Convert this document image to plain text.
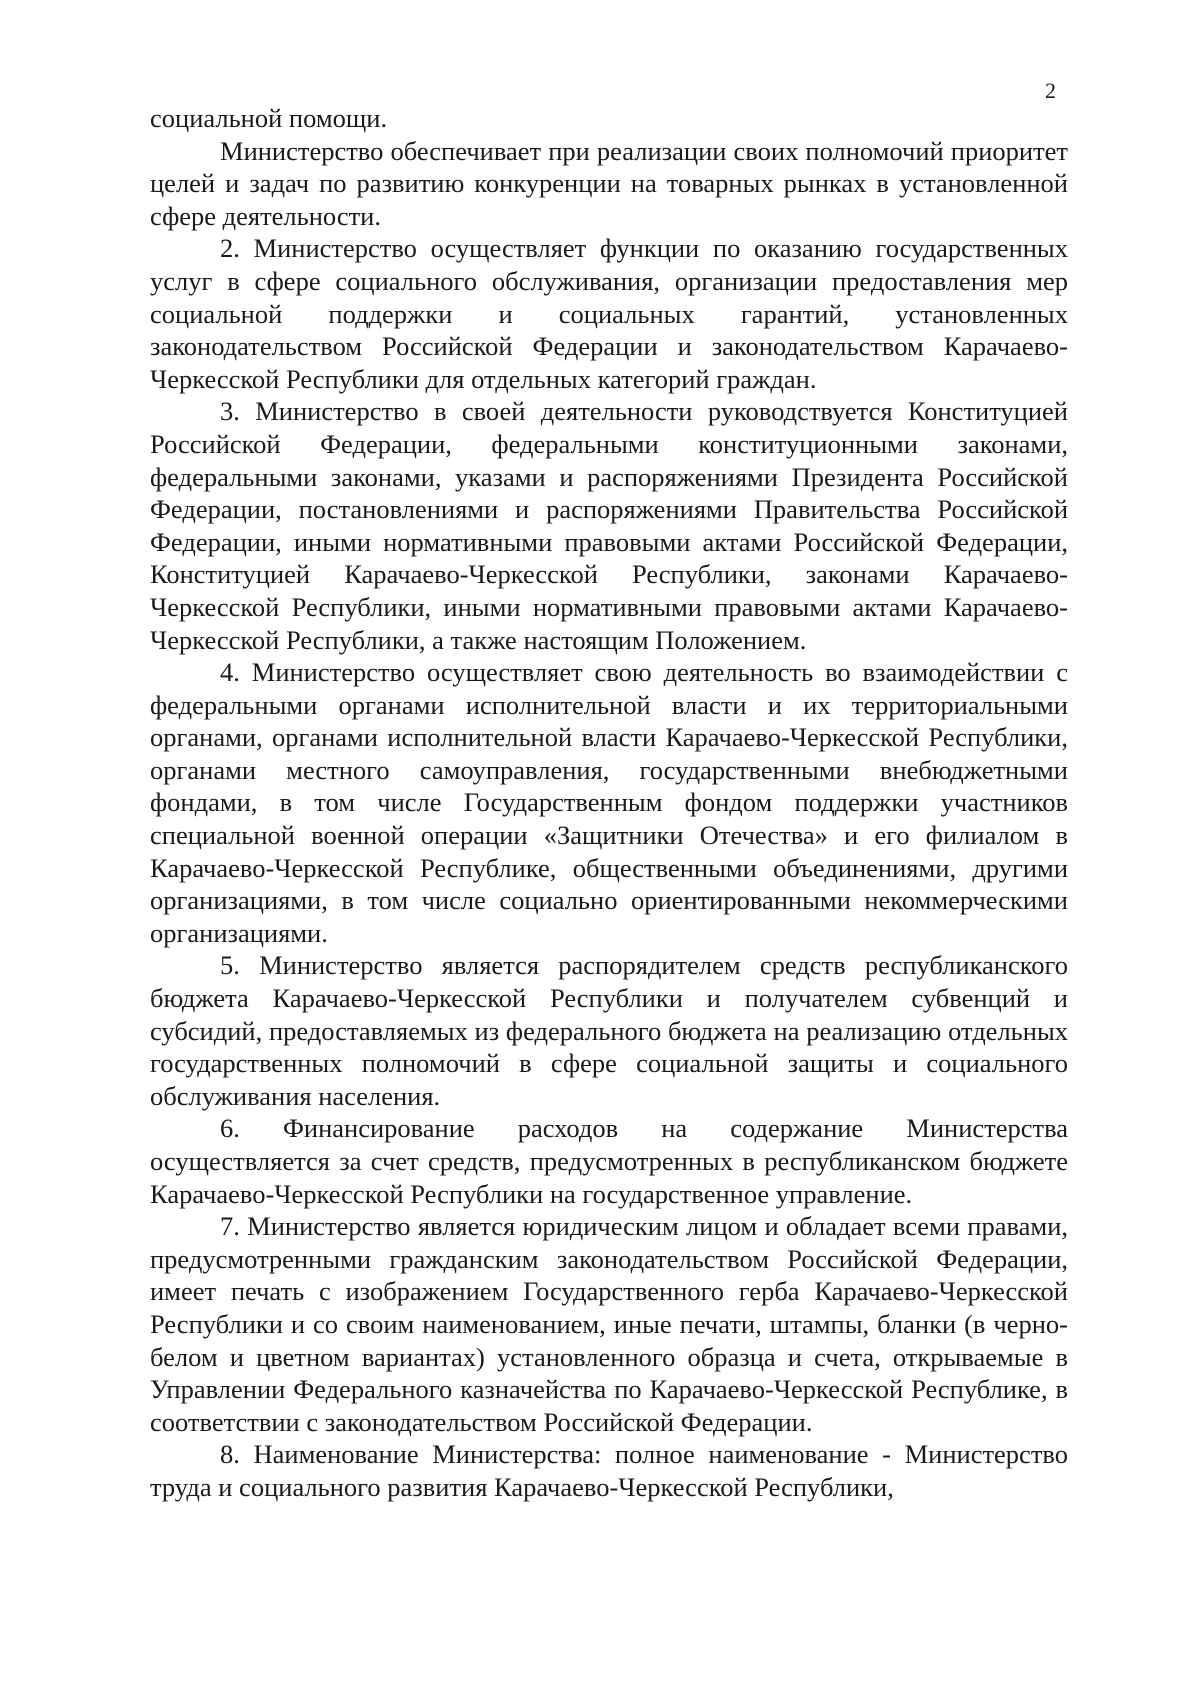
2

социальной помощи.

Министерство обеспечивает при реализации своих полномочий приоритет целей и задач по развитию конкуренции на товарных рынках в установленной сфере деятельности.

2. Министерство осуществляет функции по оказанию государственных услуг в сфере социального обслуживания, организации предоставления мер социальной поддержки и социальных гарантий, установленных законодательством Российской Федерации и законодательством Карачаево-Черкесской Республики для отдельных категорий граждан.

3. Министерство в своей деятельности руководствуется Конституцией Российской Федерации, федеральными конституционными законами, федеральными законами, указами и распоряжениями Президента Российской Федерации, постановлениями и распоряжениями Правительства Российской Федерации, иными нормативными правовыми актами Российской Федерации, Конституцией Карачаево-Черкесской Республики, законами Карачаево-Черкесской Республики, иными нормативными правовыми актами Карачаево-Черкесской Республики, а также настоящим Положением.

4. Министерство осуществляет свою деятельность во взаимодействии с федеральными органами исполнительной власти и их территориальными органами, органами исполнительной власти Карачаево-Черкесской Республики, органами местного самоуправления, государственными внебюджетными фондами, в том числе Государственным фондом поддержки участников специальной военной операции «Защитники Отечества» и его филиалом в Карачаево-Черкесской Республике, общественными объединениями, другими организациями, в том числе социально ориентированными некоммерческими организациями.

5. Министерство является распорядителем средств республиканского бюджета Карачаево-Черкесской Республики и получателем субвенций и субсидий, предоставляемых из федерального бюджета на реализацию отдельных государственных полномочий в сфере социальной защиты и социального обслуживания населения.

6. Финансирование расходов на содержание Министерства осуществляется за счет средств, предусмотренных в республиканском бюджете Карачаево-Черкесской Республики на государственное управление.

7. Министерство является юридическим лицом и обладает всеми правами, предусмотренными гражданским законодательством Российской Федерации, имеет печать с изображением Государственного герба Карачаево-Черкесской Республики и со своим наименованием, иные печати, штампы, бланки (в черно-белом и цветном вариантах) установленного образца и счета, открываемые в Управлении Федерального казначейства по Карачаево-Черкесской Республике, в соответствии с законодательством Российской Федерации.

8. Наименование Министерства: полное наименование - Министерство труда и социального развития Карачаево-Черкесской Республики,
